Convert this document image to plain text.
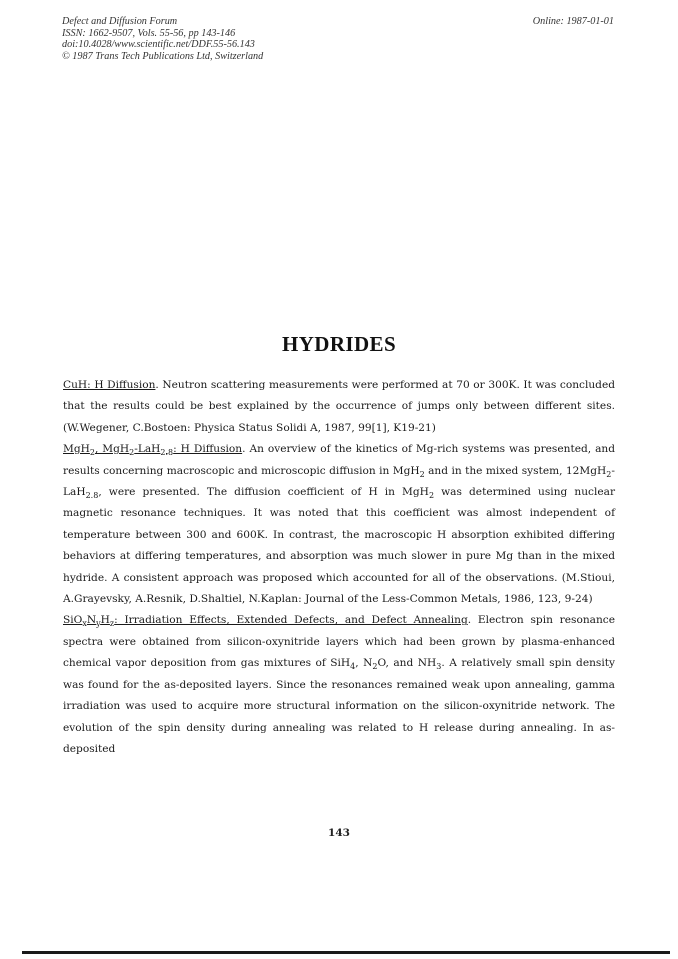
Defect and Diffusion Forum
ISSN: 1662-9507, Vols. 55-56, pp 143-146
doi:10.4028/www.scientific.net/DDF.55-56.143
© 1987 Trans Tech Publications Ltd, Switzerland
Online: 1987-01-01
HYDRIDES

CuH: H Diffusion. Neutron scattering measurements were performed at 70 or 300K. It was concluded that the results could be best explained by the occurrence of jumps only between different sites. (W.Wegener, C.Bostoen: Physica Status Solidi A, 1987, 99[1], K19-21)

MgH$_2$, MgH$_2$-LaH$_{2.8}$: H Diffusion. An overview of the kinetics of Mg-rich systems was presented, and results concerning macroscopic and microscopic diffusion in MgH$_2$ and in the mixed system, 12MgH$_2$-LaH$_{2.8}$, were presented. The diffusion coefficient of H in MgH$_2$ was determined using nuclear magnetic resonance techniques. It was noted that this coefficient was almost independent of temperature between 300 and 600K. In contrast, the macroscopic H absorption exhibited differing behaviors at differing temperatures, and absorption was much slower in pure Mg than in the mixed hydride. A consistent approach was proposed which accounted for all of the observations. (M.Stioui, A.Grayevsky, A.Resnik, D.Shaltiel, N.Kaplan: Journal of the Less-Common Metals, 1986, 123, 9-24)

$SiO_xN_yH_z$: Irradiation Effects, Extended Defects, and Defect Annealing. Electron spin resonance spectra were obtained from silicon-oxynitride layers which had been grown by plasma-enhanced chemical vapor deposition from gas mixtures of SiH$_4$, $N_2O$, and $NH_3$. A relatively small spin density was found for the as-deposited layers. Since the resonances remained weak upon annealing, gamma irradiation was used to acquire more structural information on the silicon-oxynitride network. The evolution of the spin density during annealing was related to H release during annealing. In as-deposited

143
